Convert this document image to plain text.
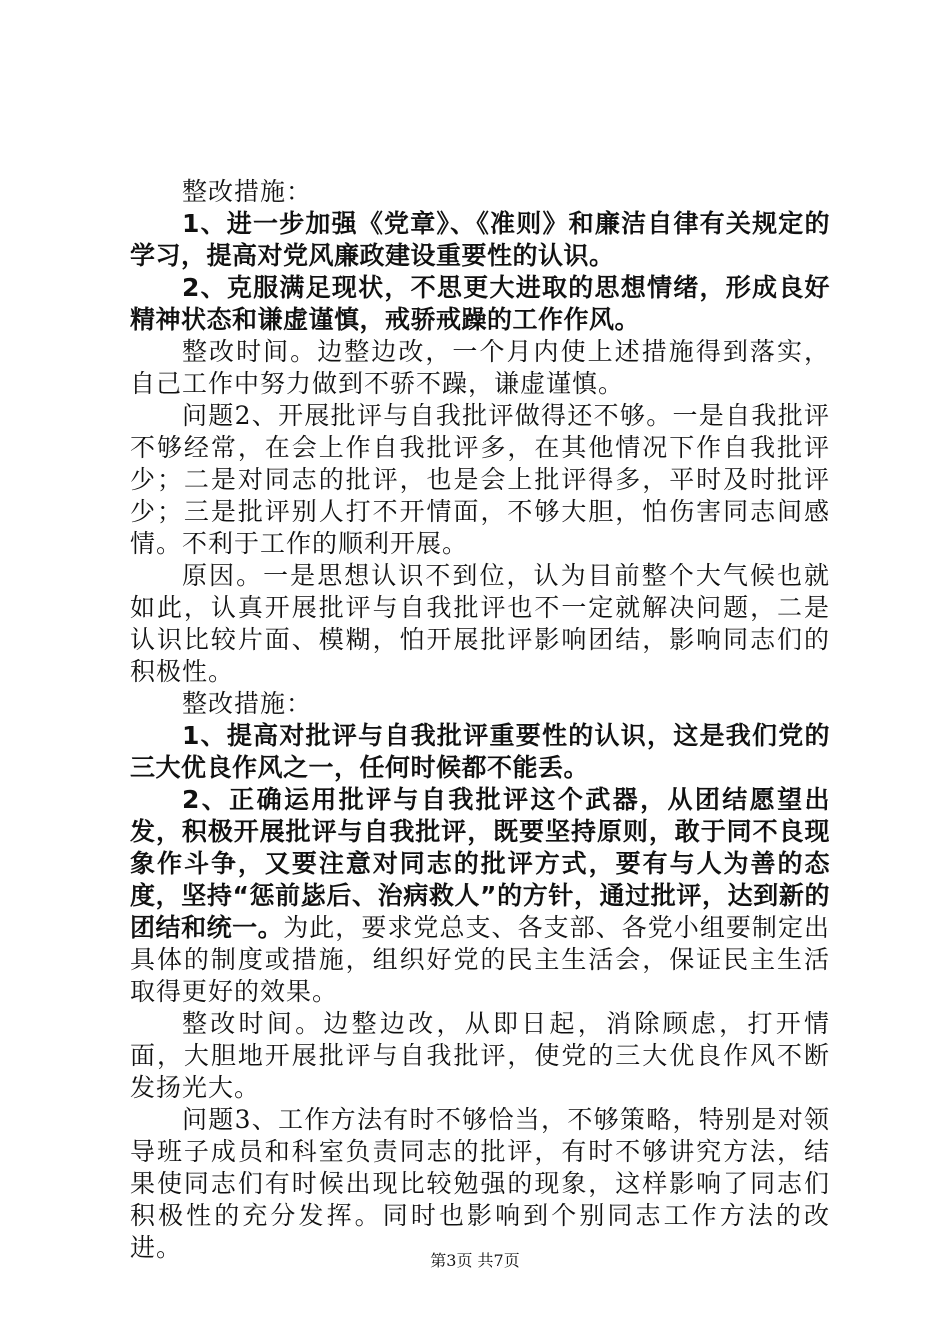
整改措施：

1、进一步加强《党章》、《准则》和廉洁自律有关规定的学习，提高对党风廉政建设重要性的认识。

2、克服满足现状，不思更大进取的思想情绪，形成良好精神状态和谦虚谨慎，戒骄戒躁的工作作风。

整改时间。边整边改，一个月内使上述措施得到落实，自己工作中努力做到不骄不躁，谦虚谨慎。

问题2、开展批评与自我批评做得还不够。一是自我批评不够经常，在会上作自我批评多，在其他情况下作自我批评少；二是对同志的批评，也是会上批评得多，平时及时批评少；三是批评别人打不开情面，不够大胆，怕伤害同志间感情。不利于工作的顺利开展。

原因。一是思想认识不到位，认为目前整个大气候也就如此，认真开展批评与自我批评也不一定就解决问题，二是认识比较片面、模糊，怕开展批评影响团结，影响同志们的积极性。

整改措施：

1、提高对批评与自我批评重要性的认识，这是我们党的三大优良作风之一，任何时候都不能丢。

2、正确运用批评与自我批评这个武器，从团结愿望出发，积极开展批评与自我批评，既要坚持原则，敢于同不良现象作斗争，又要注意对同志的批评方式，要有与人为善的态度，坚持“惩前毖后、治病救人”的方针，通过批评，达到新的团结和统一。为此，要求党总支、各支部、各党小组要制定出具体的制度或措施，组织好党的民主生活会，保证民主生活取得更好的效果。

整改时间。边整边改，从即日起，消除顾虑，打开情面，大胆地开展批评与自我批评，使党的三大优良作风不断发扬光大。

问题3、工作方法有时不够恰当，不够策略，特别是对领导班子成员和科室负责同志的批评，有时不够讲究方法，结果使同志们有时候出现比较勉强的现象，这样影响了同志们积极性的充分发挥。同时也影响到个别同志工作方法的改进。	第3页 共7页
